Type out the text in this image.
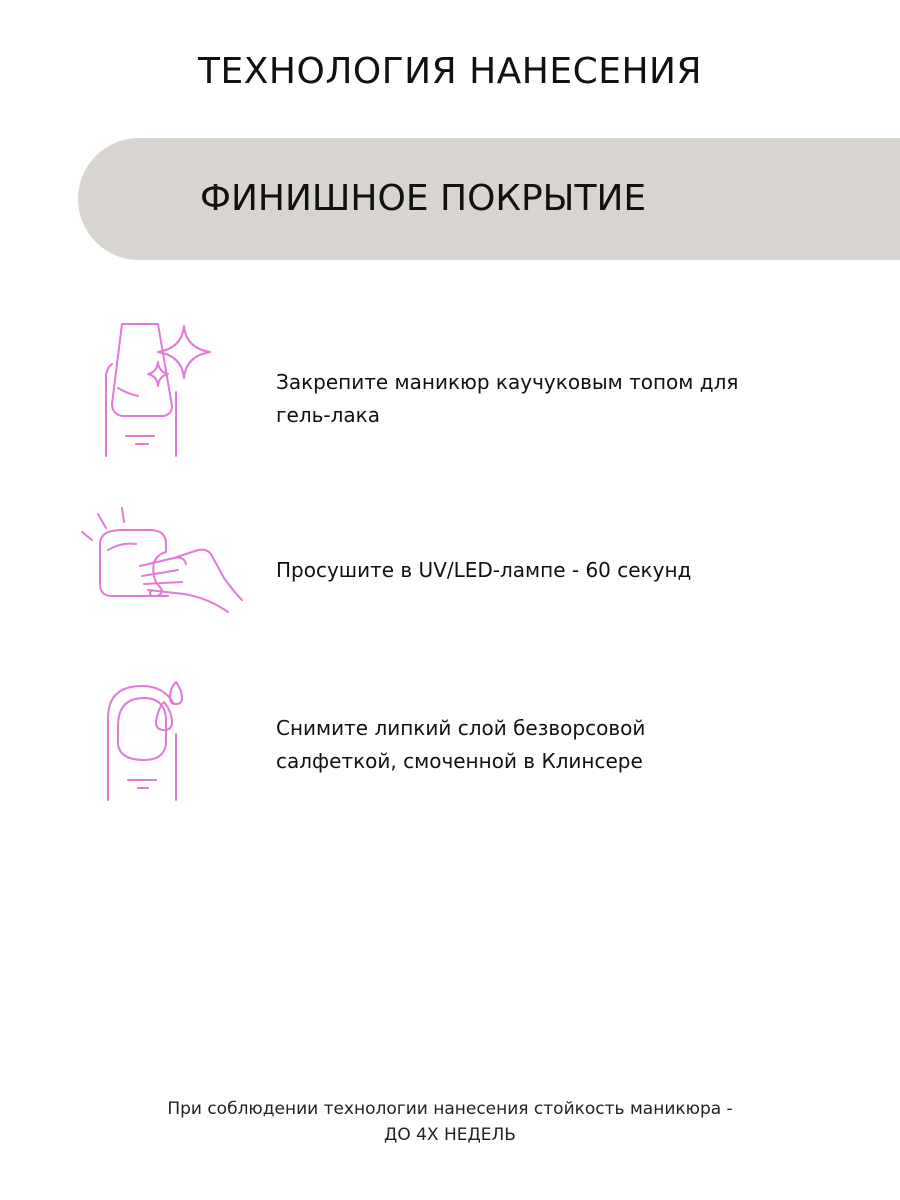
ТЕХНОЛОГИЯ НАНЕСЕНИЯ
ФИНИШНОЕ ПОКРЫТИЕ
Закрепите маникюр каучуковым топом для
гель-лака
Просушите в UV/LED-лампе - 60 секунд
Снимите липкий слой безворсовой
салфеткой, смоченной в Клинсере
При соблюдении технологии нанесения стойкость маникюра -
ДО 4Х НЕДЕЛЬ
